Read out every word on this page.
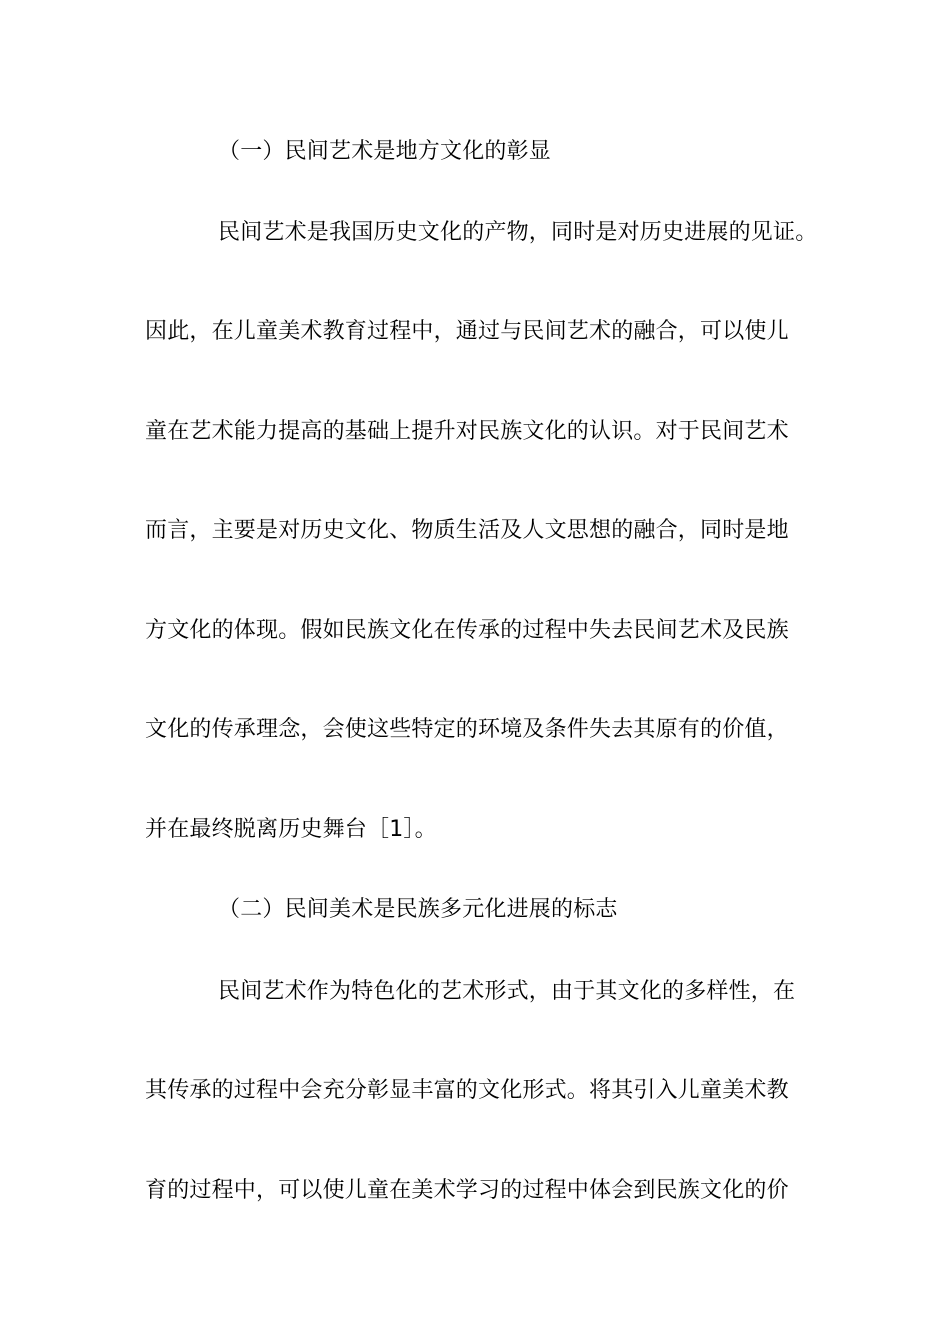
（一）民间艺术是地方文化的彰显
民间艺术是我国历史文化的产物，同时是对历史进展的见证。
因此，在儿童美术教育过程中，通过与民间艺术的融合，可以使儿
童在艺术能力提高的基础上提升对民族文化的认识。对于民间艺术
而言，主要是对历史文化、物质生活及人文思想的融合，同时是地
方文化的体现。假如民族文化在传承的过程中失去民间艺术及民族
文化的传承理念，会使这些特定的环境及条件失去其原有的价值，
并在最终脱离历史舞台［1］。
（二）民间美术是民族多元化进展的标志
民间艺术作为特色化的艺术形式，由于其文化的多样性，在
其传承的过程中会充分彰显丰富的文化形式。将其引入儿童美术教
育的过程中，可以使儿童在美术学习的过程中体会到民族文化的价
